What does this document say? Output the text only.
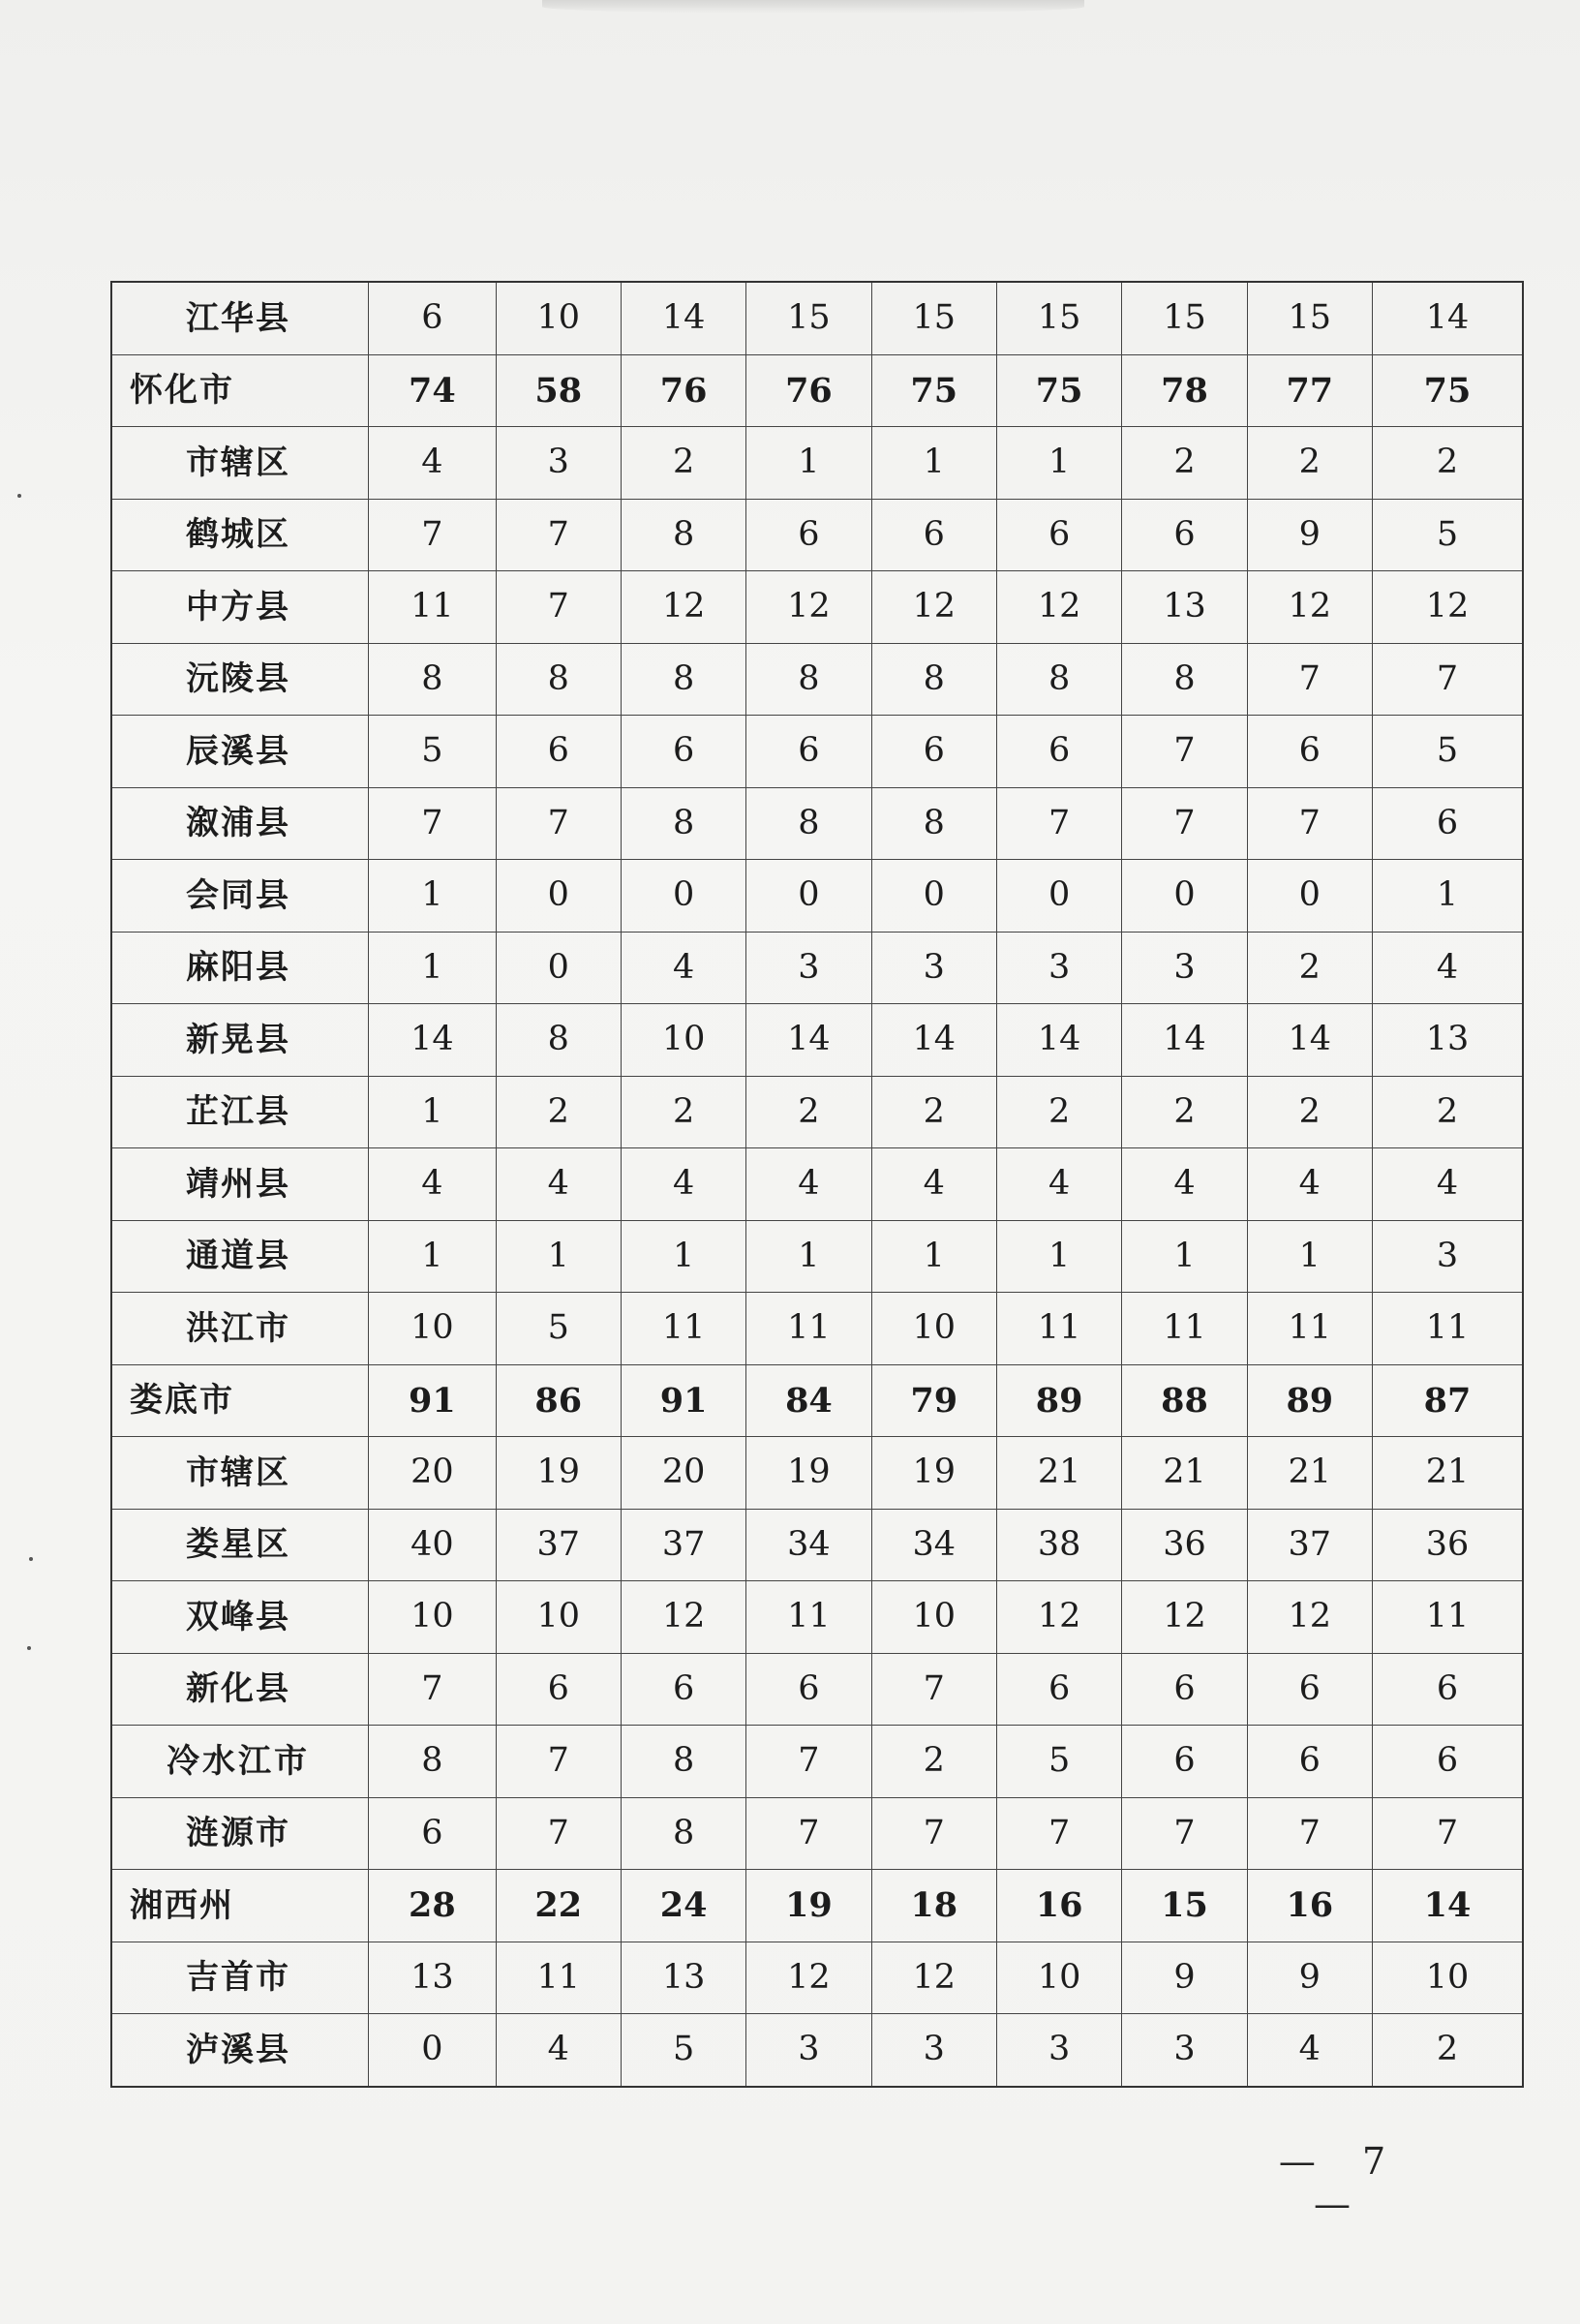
江华县	6	10	14	15	15	15	15	15	14
怀化市	74	58	76	76	75	75	78	77	75
市辖区	4	3	2	1	1	1	2	2	2
鹤城区	7	7	8	6	6	6	6	9	5
中方县	11	7	12	12	12	12	13	12	12
沅陵县	8	8	8	8	8	8	8	7	7
辰溪县	5	6	6	6	6	6	7	6	5
溆浦县	7	7	8	8	8	7	7	7	6
会同县	1	0	0	0	0	0	0	0	1
麻阳县	1	0	4	3	3	3	3	2	4
新晃县	14	8	10	14	14	14	14	14	13
芷江县	1	2	2	2	2	2	2	2	2
靖州县	4	4	4	4	4	4	4	4	4
通道县	1	1	1	1	1	1	1	1	3
洪江市	10	5	11	11	10	11	11	11	11
娄底市	91	86	91	84	79	89	88	89	87
市辖区	20	19	20	19	19	21	21	21	21
娄星区	40	37	37	34	34	38	36	37	36
双峰县	10	10	12	11	10	12	12	12	11
新化县	7	6	6	6	7	6	6	6	6
冷水江市	8	7	8	7	2	5	6	6	6
涟源市	6	7	8	7	7	7	7	7	7
湘西州	28	22	24	19	18	16	15	16	14
吉首市	13	11	13	12	12	10	9	9	10
泸溪县	0	4	5	3	3	3	3	4	2
— 7 —
